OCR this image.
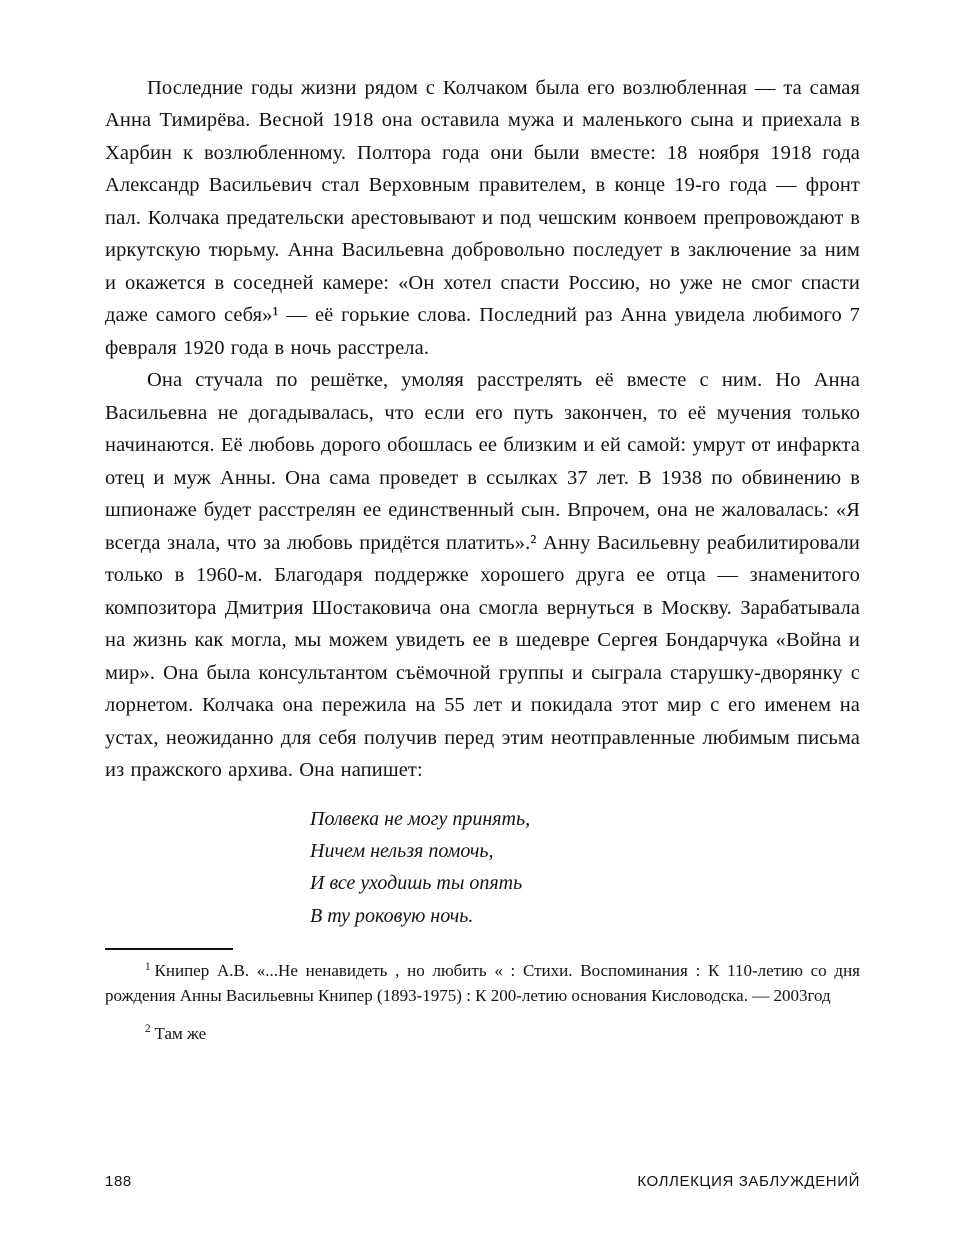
Последние годы жизни рядом с Колчаком была его возлюбленная — та самая Анна Тимирёва. Весной 1918 она оставила мужа и маленького сына и приехала в Харбин к возлюбленному. Полтора года они были вместе: 18 ноября 1918 года Александр Васильевич стал Верховным правителем, в конце 19-го года — фронт пал. Колчака предательски арестовывают и под чешским конвоем препровождают в иркутскую тюрьму. Анна Васильевна добровольно последует в заключение за ним и окажется в соседней камере: «Он хотел спасти Россию, но уже не смог спасти даже самого себя»¹ — её горькие слова. Последний раз Анна увидела любимого 7 февраля 1920 года в ночь расстрела.

Она стучала по решётке, умоляя расстрелять её вместе с ним. Но Анна Васильевна не догадывалась, что если его путь закончен, то её мучения только начинаются. Её любовь дорого обошлась ее близким и ей самой: умрут от инфаркта отец и муж Анны. Она сама проведет в ссылках 37 лет. В 1938 по обвинению в шпионаже будет расстрелян ее единственный сын. Впрочем, она не жаловалась: «Я всегда знала, что за любовь придётся платить».² Анну Васильевну реабилитировали только в 1960-м. Благодаря поддержке хорошего друга ее отца — знаменитого композитора Дмитрия Шостаковича она смогла вернуться в Москву. Зарабатывала на жизнь как могла, мы можем увидеть ее в шедевре Сергея Бондарчука «Война и мир». Она была консультантом съёмочной группы и сыграла старушку-дворянку с лорнетом. Колчака она пережила на 55 лет и покидала этот мир с его именем на устах, неожиданно для себя получив перед этим неотправленные любимым письма из пражского архива. Она напишет:

Полвека не могу принять,
Ничем нельзя помочь,
И все уходишь ты опять
В ту роковую ночь.

$^1$ Книпер А.В. «...Не ненавидеть , но любить « : Стихи. Воспоминания : К 110-летию со дня рождения Анны Васильевны Книпер (1893-1975) : К 200-летию основания Кисловодска. — 2003год

$^2$ Там же

188	КОЛЛЕКЦИЯ ЗАБЛУЖДЕНИЙ
